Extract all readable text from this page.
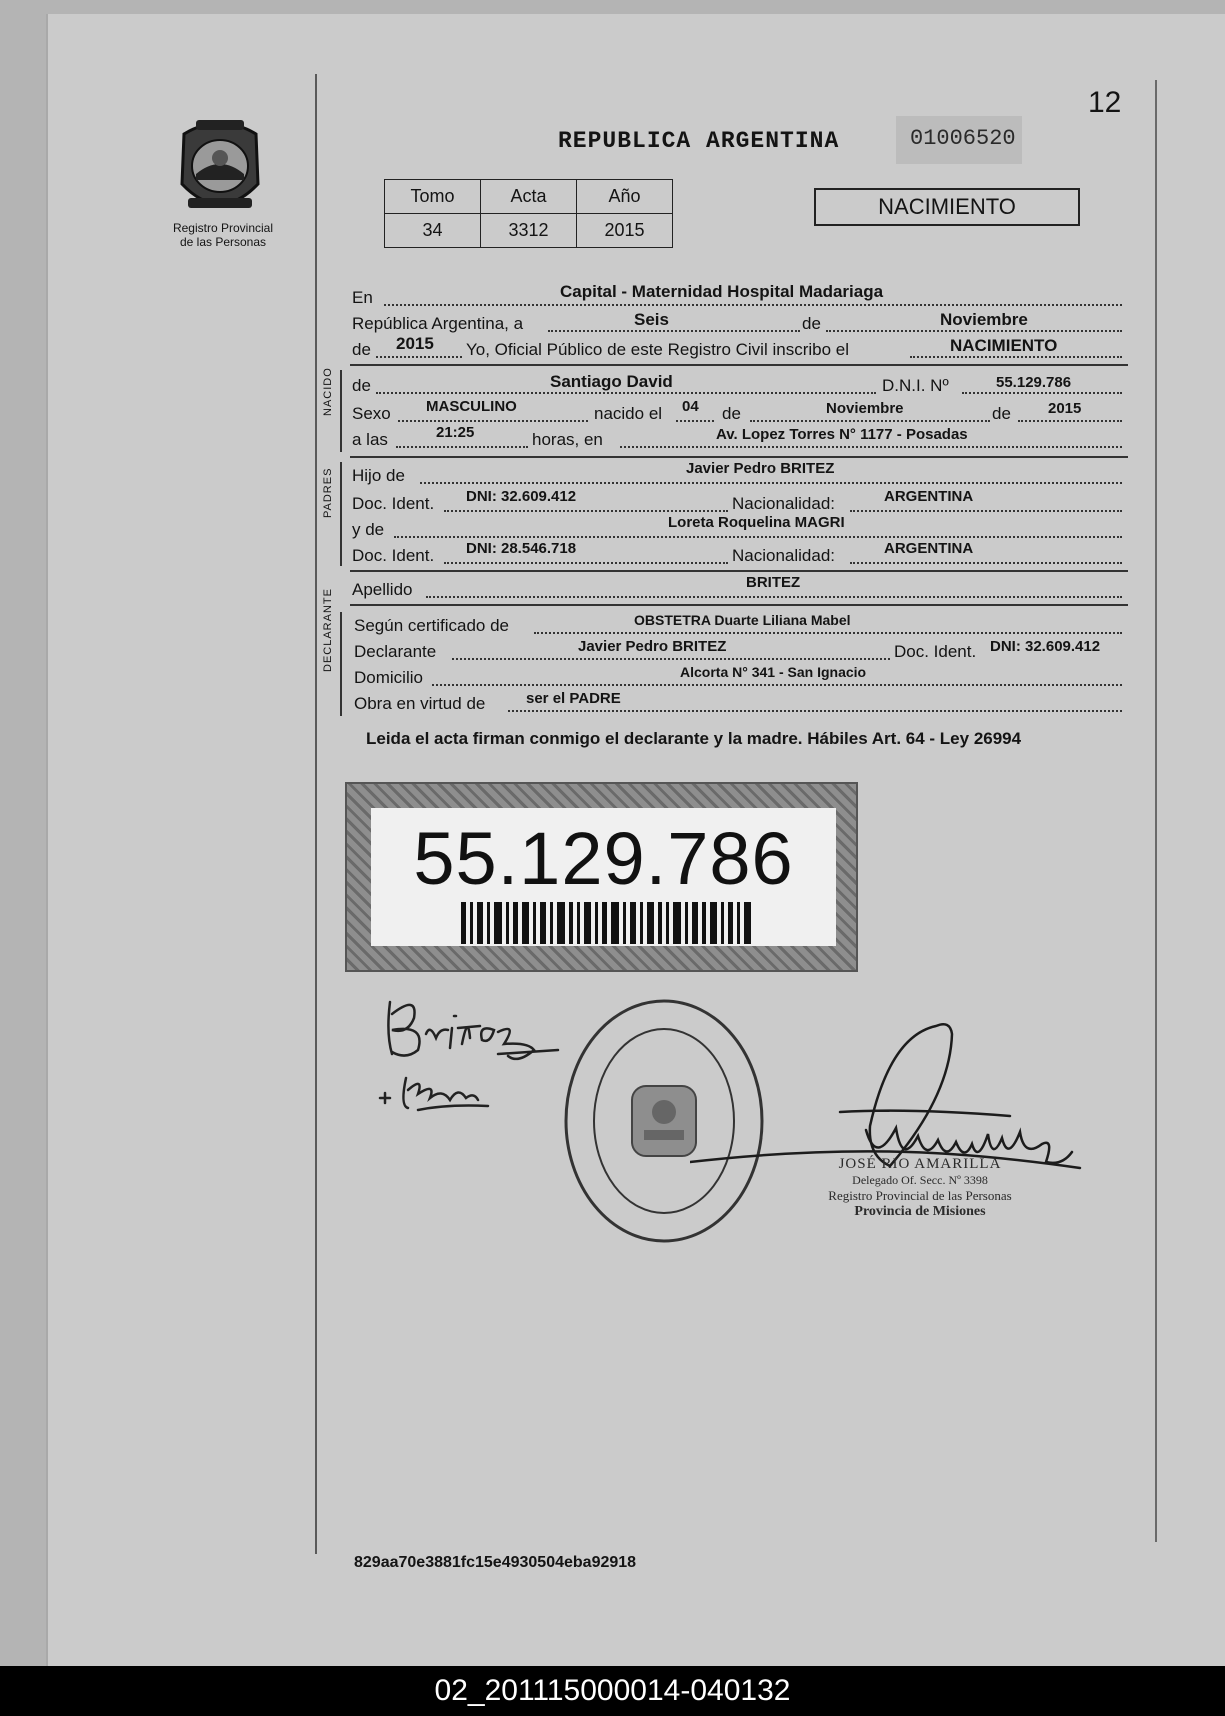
12
Registro Provincial
de las Personas
REPUBLICA ARGENTINA	01006520
Tomo	Acta	Año
34	3312	2015
NACIMIENTO
En	Capital - Maternidad Hospital Madariaga
República Argentina, a	Seis	de	Noviembre
de 2015 Yo, Oficial Público de este Registro Civil inscribo el	NACIMIENTO
de	Santiago David	D.N.I. Nº	55.129.786
Sexo MASCULINO	nacido el 04 de	Noviembre	de 2015
a las	21:25	horas, en	Av. Lopez Torres N° 1177 - Posadas
Hijo de	Javier Pedro BRITEZ
Doc. Ident. DNI: 32.609.412	Nacionalidad:	ARGENTINA
y de	Loreta Roquelina MAGRI
Doc. Ident. DNI: 28.546.718	Nacionalidad:	ARGENTINA
Apellido	BRITEZ
Según certificado de	OBSTETRA Duarte Liliana Mabel
Declarante	Javier Pedro BRITEZ	Doc. Ident. DNI: 32.609.412
Domicilio	Alcorta N° 341 - San Ignacio
Obra en virtud de	ser el PADRE
Leida el acta firman conmigo el declarante y la madre. Hábiles Art. 64 - Ley 26994
55.129.786
JOSÉ RIO AMARILLA
Delegado Of. Secc. Nº 3398
Registro Provincial de las Personas
Provincia de Misiones
829aa70e3881fc15e4930504eba92918
02_201115000014-040132
